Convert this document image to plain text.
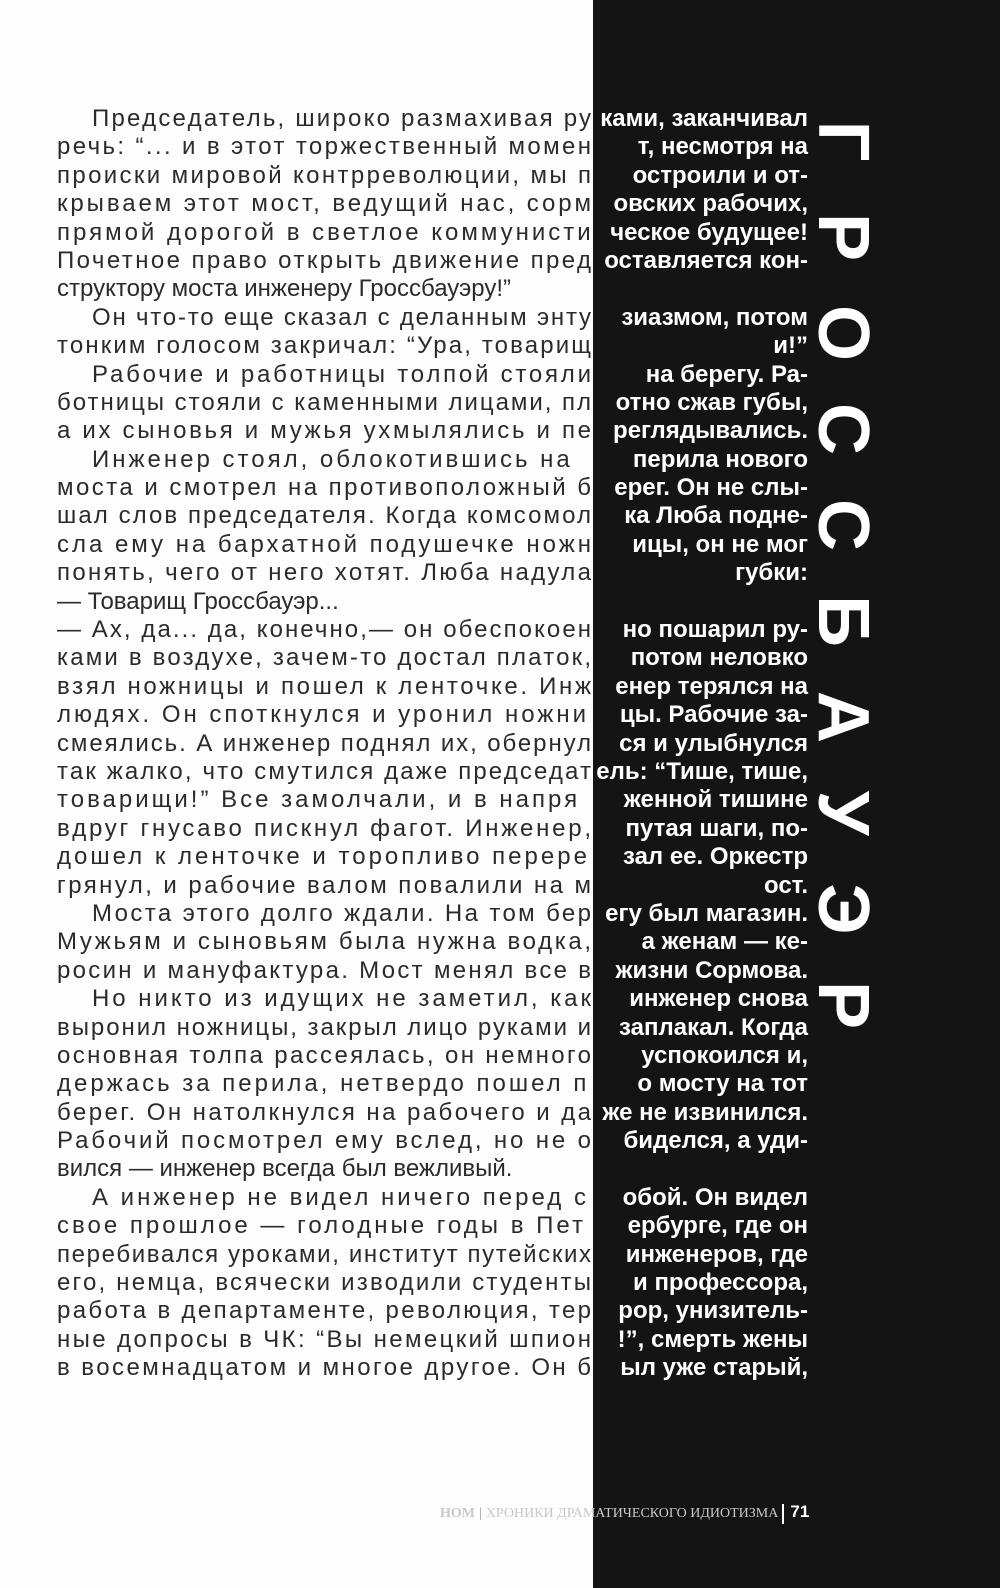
Г
Р
О
С
С
Б
А
У
Э
Р
Председатель, широко размахивая ру ками, заканчивал
речь: “... и в этот торжественный момен	т, несмотря на
происки мировой контрреволюции, мы п	остроили и от-
крываем этот мост, ведущий нас, сорм овских рабочих,
прямой дорогой в светлое коммунисти ческое будущее!
Почетное право открыть движение пред оставляется кон-
структору моста инженеру Гроссбауэру!”
Он что-то еще сказал с деланным энту	зиазмом, потом
тонким голосом закричал: “Ура, товарищ	и!”
Рабочие и работницы толпой стояли	на берегу. Ра-
ботницы стояли с каменными лицами, пл отно сжав губы,
а их сыновья и мужья ухмылялись и пе реглядывались.
Инженер стоял, облокотившись на	перила нового
моста и смотрел на противоположный б ерег. Он не слы-
шал слов председателя. Когда комсомол	ка Люба подне-
сла ему на бархатной подушечке ножн	ицы, он не мог
понять, чего от него хотят. Люба надула	губки:
— Товарищ Гроссбауэр...
— Ах, да... да, конечно,— он обеспокоен	но пошарил ру-
ками в воздухе, зачем-то достал платок,	потом неловко
взял ножницы и пошел к ленточке. Инж енер терялся на
людях. Он споткнулся и уронил ножни	цы. Рабочие за-
смеялись. А инженер поднял их, обернул	ся и улыбнулся
так жалко, что смутился даже председат ель: “Тише, тише,
товарищи!” Все замолчали, и в напря	женной тишине
вдруг гнусаво пискнул фагот. Инженер,	путая шаги, по-
дошел к ленточке и торопливо перере	зал ее. Оркестр
грянул, и рабочие валом повалили на м	ост.
Моста этого долго ждали. На том бер егу был магазин.
Мужьям и сыновьям была нужна водка,	а женам — ке-
росин и мануфактура. Мост менял все в жизни Сормова.
Но никто из идущих не заметил, как	инженер снова
выронил ножницы, закрыл лицо руками и	заплакал. Когда
основная толпа рассеялась, он немного	успокоился и,
держась за перила, нетвердо пошел п	о мосту на тот
берег. Он натолкнулся на рабочего и да же не извинился.
Рабочий посмотрел ему вслед, но не о	биделся, а уди-
вился — инженер всегда был вежливый.
А инженер не видел ничего перед с	обой. Он видел
свое прошлое — голодные годы в Пет	ербурге, где он
перебивался уроками, институт путейских	инженеров, где
его, немца, всячески изводили студенты	и профессора,
работа в департаменте, революция, тер	рор, унизитель-
ные допросы в ЧК: “Вы немецкий шпион	!”, смерть жены
в восемнадцатом и многое другое. Он б	ыл уже старый,
НОМ | ХРОНИКИ ДРАМАТИЧЕСКОГО ИДИОТИЗМА 71
